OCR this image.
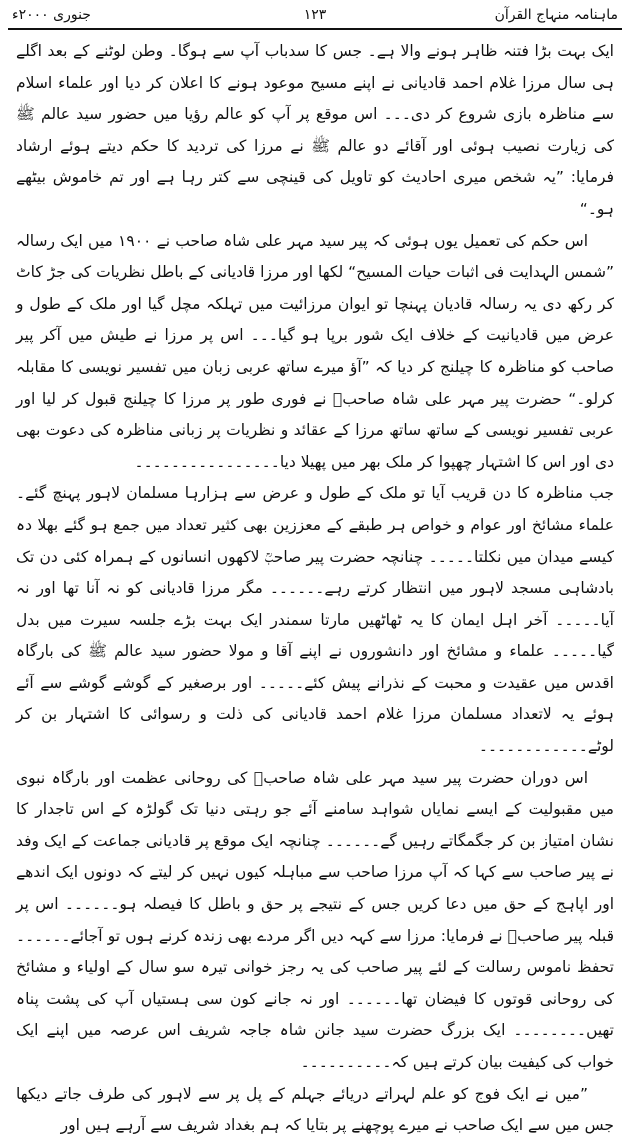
ماہنامہ منہاج القرآن
۱۲۳
جنوری ۲۰۰۰ء

ایک بہت بڑا فتنہ ظاہر ہونے والا ہے۔ جس کا سدباب آپ سے ہوگا۔ وطن لوٹنے کے بعد اگلے ہی سال مرزا غلام احمد قادیانی نے اپنے مسیح موعود ہونے کا اعلان کر دیا اور علماء اسلام سے مناظرہ بازی شروع کر دی۔۔۔ اس موقع پر آپ کو عالم رؤیا میں حضور سید عالم ﷺ کی زیارت نصیب ہوئی اور آقائے دو عالم ﷺ نے مرزا کی تردید کا حکم دیتے ہوئے ارشاد فرمایا: ”یہ شخص میری احادیث کو تاویل کی قینچی سے کتر رہا ہے اور تم خاموش بیٹھے ہو۔“

اس حکم کی تعمیل یوں ہوئی کہ پیر سید مہر علی شاہ صاحب نے ۱۹۰۰ میں ایک رسالہ ”شمس الہدایت فی اثبات حیات المسیح“ لکھا اور مرزا قادیانی کے باطل نظریات کی جڑ کاٹ کر رکھ دی یہ رسالہ قادیان پہنچا تو ایوان مرزائیت میں تہلکہ مچل گیا اور ملک کے طول و عرض میں قادیانیت کے خلاف ایک شور برپا ہو گیا۔۔۔ اس پر مرزا نے طیش میں آکر پیر صاحب کو مناظرہ کا چیلنج کر دیا کہ ”آؤ میرے ساتھ عربی زبان میں تفسیر نویسی کا مقابلہ کرلو۔“ حضرت پیر مہر علی شاہ صاحبؒ نے فوری طور پر مرزا کا چیلنج قبول کر لیا اور عربی تفسیر نویسی کے ساتھ ساتھ مرزا کے عقائد و نظریات پر زبانی مناظرہ کی دعوت بھی دی اور اس کا اشتہار چھپوا کر ملک بھر میں پھیلا دیا۔۔۔۔۔۔۔۔۔۔۔۔۔۔۔۔

جب مناظرہ کا دن قریب آیا تو ملک کے طول و عرض سے ہزارہا مسلمان لاہور پہنچ گئے۔ علماء مشائخ اور عوام و خواص ہر طبقے کے معززین بھی کثیر تعداد میں جمع ہو گئے بھلا دہ کیسے میدان میں نکلتا۔۔۔۔۔ چنانچہ حضرت پیر صاحبؒ لاکھوں انسانوں کے ہمراہ کئی دن تک بادشاہی مسجد لاہور میں انتظار کرتے رہے۔۔۔۔۔۔ مگر مرزا قادیانی کو نہ آنا تھا اور نہ آیا۔۔۔۔۔ آخر اہل ایمان کا یہ ٹھاٹھیں مارتا سمندر ایک بہت بڑے جلسہ سیرت میں بدل گیا۔۔۔۔۔ علماء و مشائخ اور دانشوروں نے اپنے آقا و مولا حضور سید عالم ﷺ کی بارگاہ اقدس میں عقیدت و محبت کے نذرانے پیش کئے۔۔۔۔۔ اور برصغیر کے گوشے گوشے سے آئے ہوئے یہ لاتعداد مسلمان مرزا غلام احمد قادیانی کی ذلت و رسوائی کا اشتہار بن کر لوٹے۔۔۔۔۔۔۔۔۔۔۔۔

اس دوران حضرت پیر سید مہر علی شاہ صاحبؒ کی روحانی عظمت اور بارگاہ نبوی میں مقبولیت کے ایسے نمایاں شواہد سامنے آئے جو رہتی دنیا تک گولڑہ کے اس تاجدار کا نشان امتیاز بن کر جگمگاتے رہیں گے۔۔۔۔۔۔ چنانچہ ایک موقع پر قادیانی جماعت کے ایک وفد نے پیر صاحب سے کہا کہ آپ مرزا صاحب سے مباہلہ کیوں نہیں کر لیتے کہ دونوں ایک اندھے اور اپاہج کے حق میں دعا کریں جس کے نتیجے پر حق و باطل کا فیصلہ ہو۔۔۔۔۔۔ اس پر قبلہ پیر صاحبؒ نے فرمایا: مرزا سے کہہ دیں اگر مردے بھی زندہ کرنے ہوں تو آجائے۔۔۔۔۔۔ تحفظ ناموس رسالت کے لئے پیر صاحب کی یہ رجز خوانی تیرہ سو سال کے اولیاء و مشائخ کی روحانی قوتوں کا فیضان تھا۔۔۔۔۔۔ اور نہ جانے کون سی ہستیاں آپ کی پشت پناہ تھیں۔۔۔۔۔۔۔۔ ایک بزرگ حضرت سید جانن شاہ جاجہ شریف اس عرصہ میں اپنے ایک خواب کی کیفیت بیان کرتے ہیں کہ۔۔۔۔۔۔۔۔۔۔

”میں نے ایک فوج کو علم لہراتے دریائے جہلم کے پل پر سے لاہور کی طرف جاتے دیکھا جس میں سے ایک صاحب نے میرے پوچھنے پر بتایا کہ ہم بغداد شریف سے آرہے ہیں اور
